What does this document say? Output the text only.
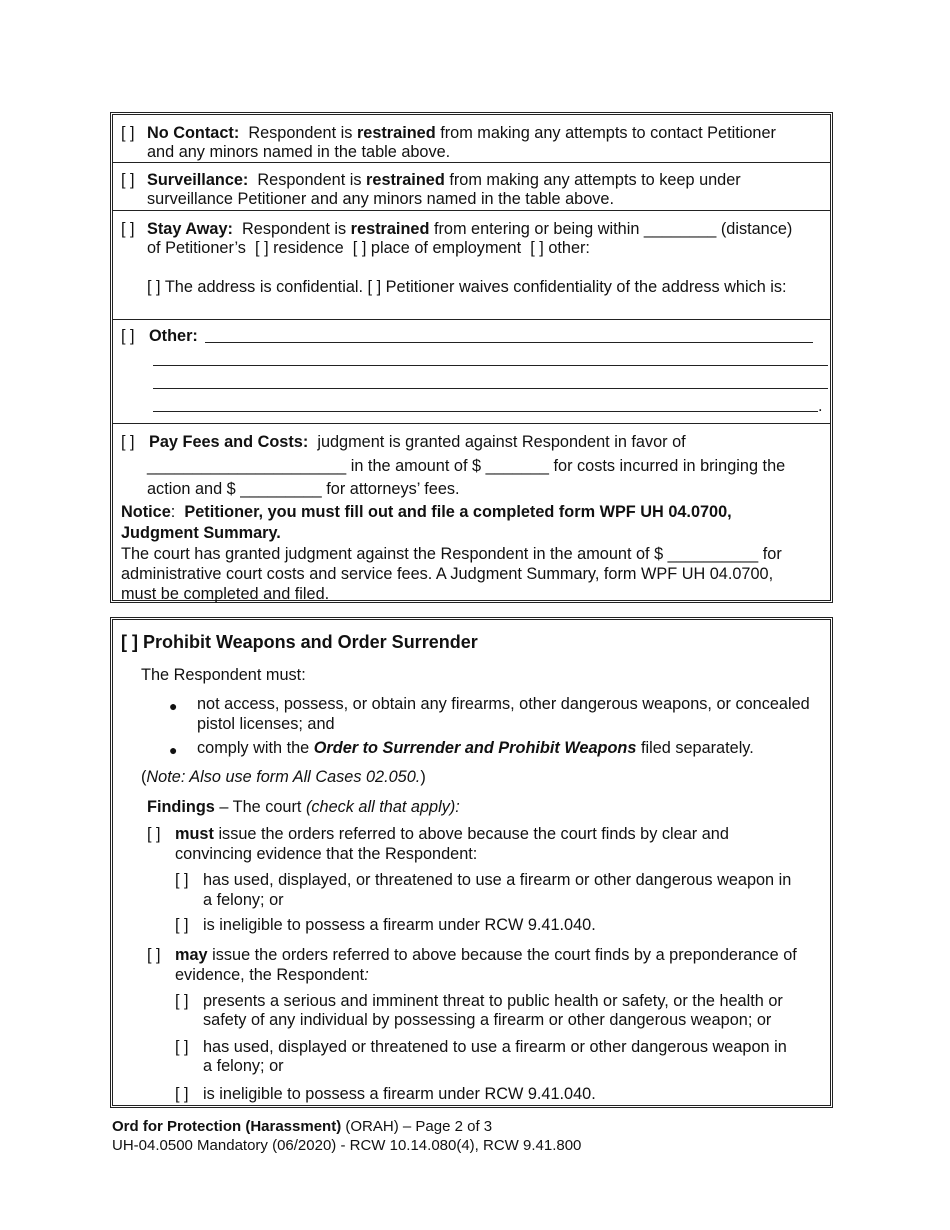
[ ] No Contact: Respondent is restrained from making any attempts to contact Petitioner
and any minors named in the table above.
[ ] Surveillance: Respondent is restrained from making any attempts to keep under
surveillance Petitioner and any minors named in the table above.
[ ] Stay Away: Respondent is restrained from entering or being within ________ (distance)
of Petitioner’s [ ] residence [ ] place of employment [ ] other:
[ ] The address is confidential. [ ] Petitioner waives confidentiality of the address which is:
[ ] Other:
.
[ ] Pay Fees and Costs: judgment is granted against Respondent in favor of
______________________ in the amount of $ _______ for costs incurred in bringing the
action and $ _________ for attorneys’ fees.
Notice:  Petitioner, you must fill out and file a completed form WPF UH 04.0700,
Judgment Summary.
The court has granted judgment against the Respondent in the amount of $ __________ for
administrative court costs and service fees. A Judgment Summary, form WPF UH 04.0700,
must be completed and filed.
[ ] Prohibit Weapons and Order Surrender
The Respondent must:
● not access, possess, or obtain any firearms, other dangerous weapons, or concealed
pistol licenses; and
● comply with the Order to Surrender and Prohibit Weapons filed separately.
(Note: Also use form All Cases 02.050.)
Findings – The court (check all that apply):
[ ] must issue the orders referred to above because the court finds by clear and
convincing evidence that the Respondent:
[ ] has used, displayed, or threatened to use a firearm or other dangerous weapon in
a felony; or
[ ] is ineligible to possess a firearm under RCW 9.41.040.
[ ] may issue the orders referred to above because the court finds by a preponderance of
evidence, the Respondent:
[ ] presents a serious and imminent threat to public health or safety, or the health or
safety of any individual by possessing a firearm or other dangerous weapon; or
[ ] has used, displayed or threatened to use a firearm or other dangerous weapon in
a felony; or
[ ] is ineligible to possess a firearm under RCW 9.41.040.
Ord for Protection (Harassment) (ORAH) – Page 2 of 3
UH-04.0500 Mandatory (06/2020) - RCW 10.14.080(4), RCW 9.41.800
